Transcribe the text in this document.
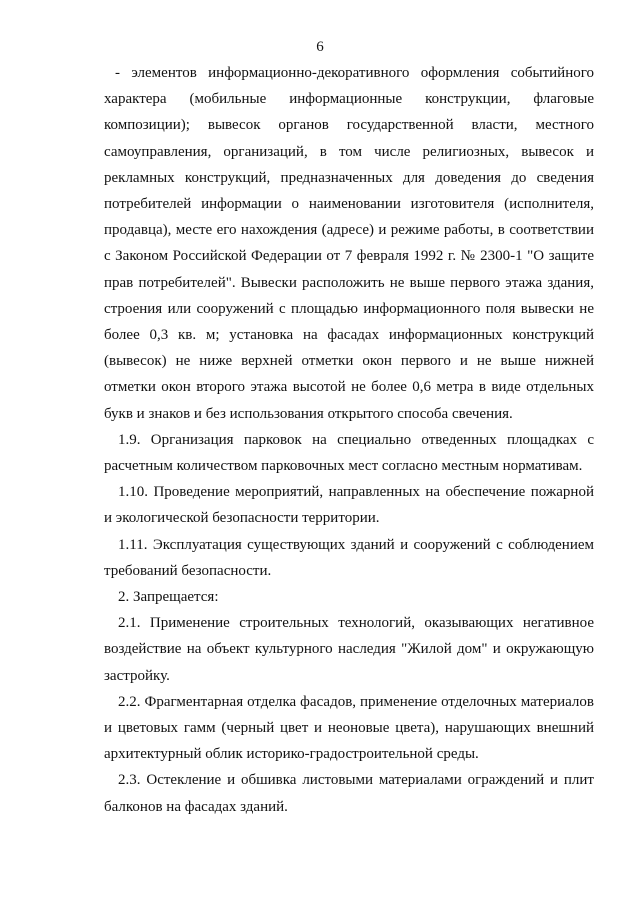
6

- элементов информационно-декоративного оформления событийного характера (мобильные информационные конструкции, флаговые композиции); вывесок органов государственной власти, местного самоуправления, организаций, в том числе религиозных, вывесок и рекламных конструкций, предназначенных для доведения до сведения потребителей информации о наименовании изготовителя (исполнителя, продавца), месте его нахождения (адресе) и режиме работы, в соответствии с Законом Российской Федерации от 7 февраля 1992 г. № 2300-1 "О защите прав потребителей". Вывески расположить не выше первого этажа здания, строения или сооружений с площадью информационного поля вывески не более 0,3 кв. м; установка на фасадах информационных конструкций (вывесок) не ниже верхней отметки окон первого и не выше нижней отметки окон второго этажа высотой не более 0,6 метра в виде отдельных букв и знаков и без использования открытого способа свечения.

1.9. Организация парковок на специально отведенных площадках с расчетным количеством парковочных мест согласно местным нормативам.

1.10. Проведение мероприятий, направленных на обеспечение пожарной и экологической безопасности территории.

1.11. Эксплуатация существующих зданий и сооружений с соблюдением требований безопасности.

2. Запрещается:

2.1. Применение строительных технологий, оказывающих негативное воздействие на объект культурного наследия "Жилой дом" и окружающую застройку.

2.2. Фрагментарная отделка фасадов, применение отделочных материалов и цветовых гамм (черный цвет и неоновые цвета), нарушающих внешний архитектурный облик историко-градостроительной среды.

2.3. Остекление и обшивка листовыми материалами ограждений и плит балконов на фасадах зданий.
